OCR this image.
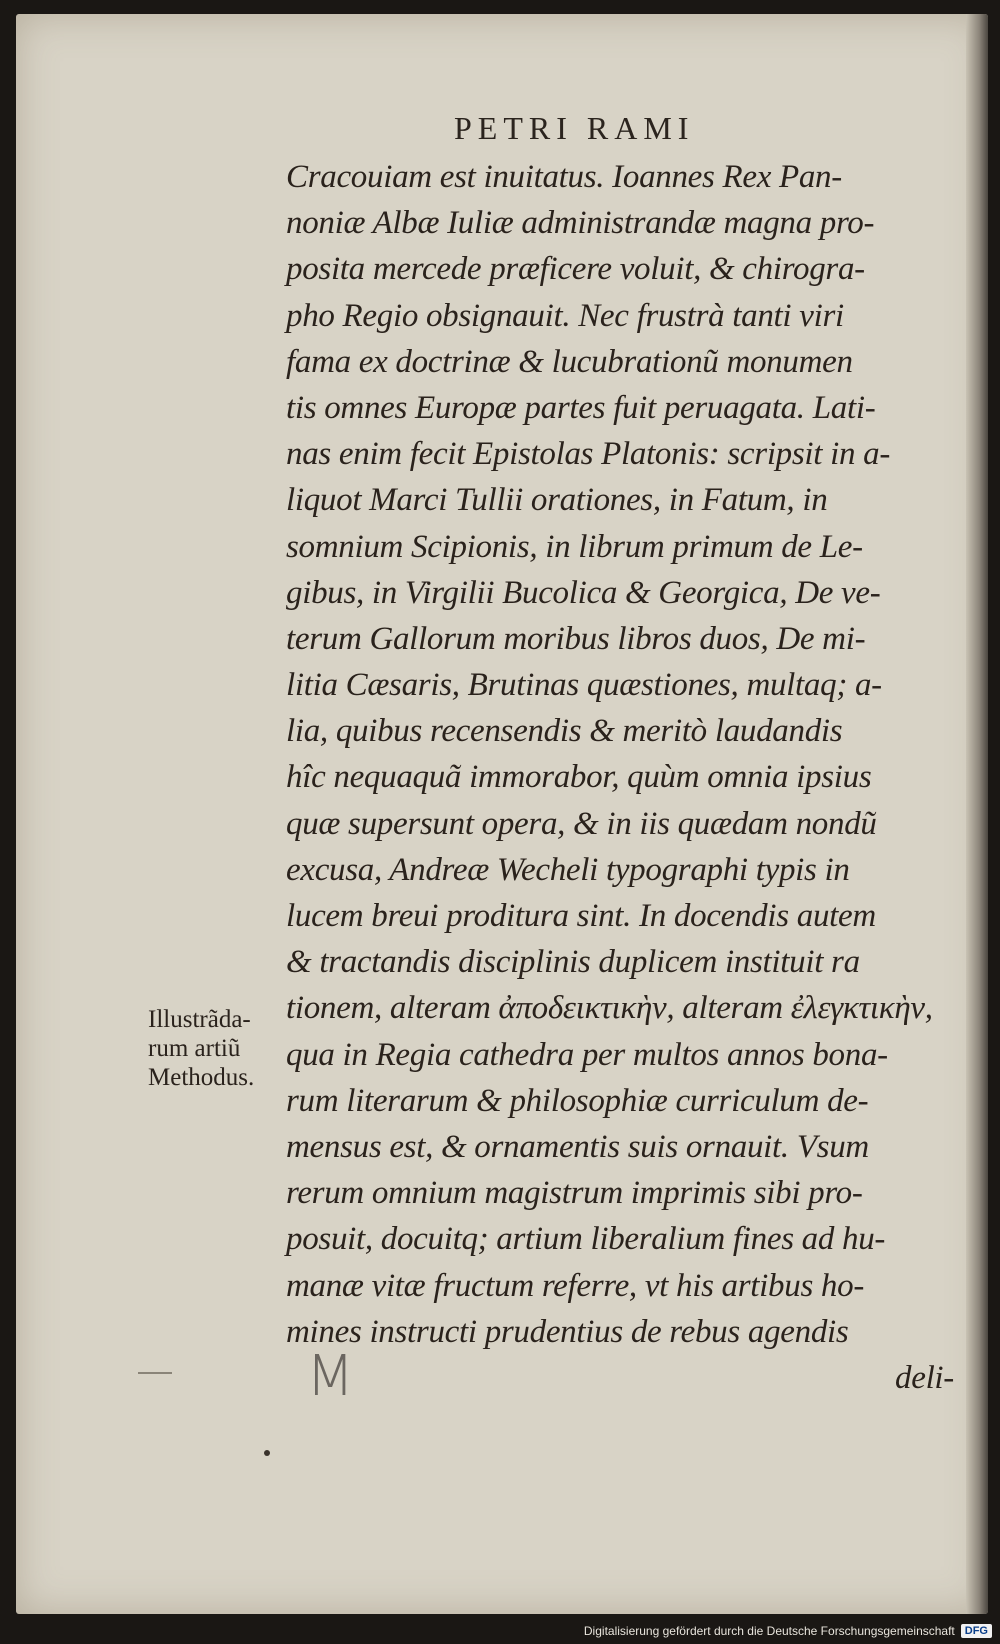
PETRI RAMI
Cracouiam est inuitatus. Ioannes Rex Pan-
noniæ Albæ Iuliæ administrandæ magna pro-
posita mercede præficere voluit, & chirogra-
pho Regio obsignauit. Nec frustrà tanti viri
fama ex doctrinæ & lucubrationũ monumen
tis omnes Europæ partes fuit peruagata. Lati-
nas enim fecit Epistolas Platonis: scripsit in a-
liquot Marci Tullii orationes, in Fatum, in
somnium Scipionis, in librum primum de Le-
gibus, in Virgilii Bucolica & Georgica, De ve-
terum Gallorum moribus libros duos, De mi-
litia Cæsaris, Brutinas quæstiones, multaq; a-
lia, quibus recensendis & meritò laudandis
hîc nequaquã immorabor, quùm omnia ipsius
quæ supersunt opera, & in iis quædam nondũ
excusa, Andreæ Wecheli typographi typis in
lucem breui proditura sint. In docendis autem
& tractandis disciplinis duplicem instituit ra
tionem, alteram ἀποδεικτικὴν, alteram ἐλεγκτικὴν,
qua in Regia cathedra per multos annos bona-
rum literarum & philosophiæ curriculum de-
mensus est, & ornamentis suis ornauit. Vsum
rerum omnium magistrum imprimis sibi pro-
posuit, docuitq; artium liberalium fines ad hu-
manæ vitæ fructum referre, vt his artibus ho-
mines instructi prudentius de rebus agendis
deli-
Illustrãda-
rum artiũ
Methodus.
M
Digitalisierung gefördert durch die Deutsche Forschungsgemeinschaft DFG
